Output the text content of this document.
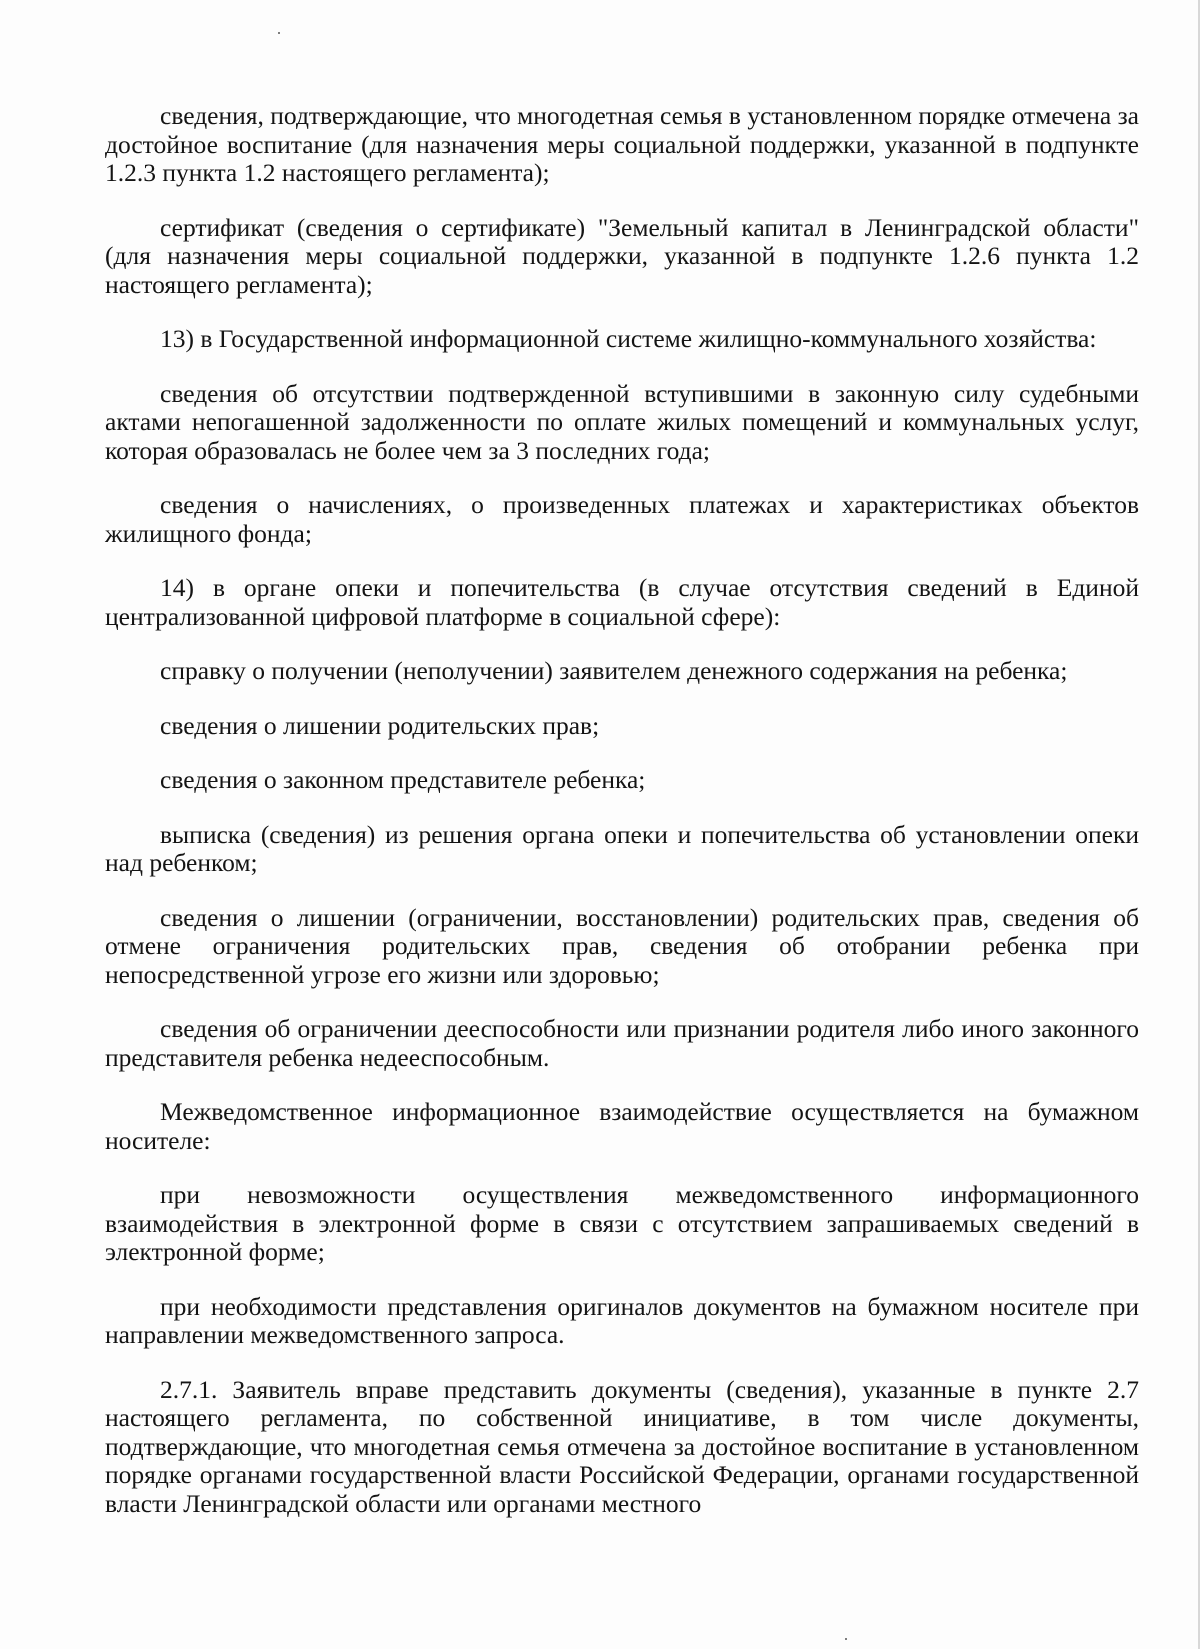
сведения, подтверждающие, что многодетная семья в установленном порядке отмечена за достойное воспитание (для назначения меры социальной поддержки, указанной в подпункте 1.2.3 пункта 1.2 настоящего регламента);

сертификат (сведения о сертификате) "Земельный капитал в Ленинградской области" (для назначения меры социальной поддержки, указанной в подпункте 1.2.6 пункта 1.2 настоящего регламента);

13) в Государственной информационной системе жилищно-коммунального хозяйства:

сведения об отсутствии подтвержденной вступившими в законную силу судебными актами непогашенной задолженности по оплате жилых помещений и коммунальных услуг, которая образовалась не более чем за 3 последних года;

сведения о начислениях, о произведенных платежах и характеристиках объектов жилищного фонда;

14) в органе опеки и попечительства (в случае отсутствия сведений в Единой централизованной цифровой платформе в социальной сфере):

справку о получении (неполучении) заявителем денежного содержания на ребенка;

сведения о лишении родительских прав;

сведения о законном представителе ребенка;

выписка (сведения) из решения органа опеки и попечительства об установлении опеки над ребенком;

сведения о лишении (ограничении, восстановлении) родительских прав, сведения об отмене ограничения родительских прав, сведения об отобрании ребенка при непосредственной угрозе его жизни или здоровью;

сведения об ограничении дееспособности или признании родителя либо иного законного представителя ребенка недееспособным.

Межведомственное информационное взаимодействие осуществляется на бумажном носителе:

при невозможности осуществления межведомственного информационного взаимодействия в электронной форме в связи с отсутствием запрашиваемых сведений в электронной форме;

при необходимости представления оригиналов документов на бумажном носителе при направлении межведомственного запроса.

2.7.1. Заявитель вправе представить документы (сведения), указанные в пункте 2.7 настоящего регламента, по собственной инициативе, в том числе документы, подтверждающие, что многодетная семья отмечена за достойное воспитание в установленном порядке органами государственной власти Российской Федерации, органами государственной власти Ленинградской области или органами местного
